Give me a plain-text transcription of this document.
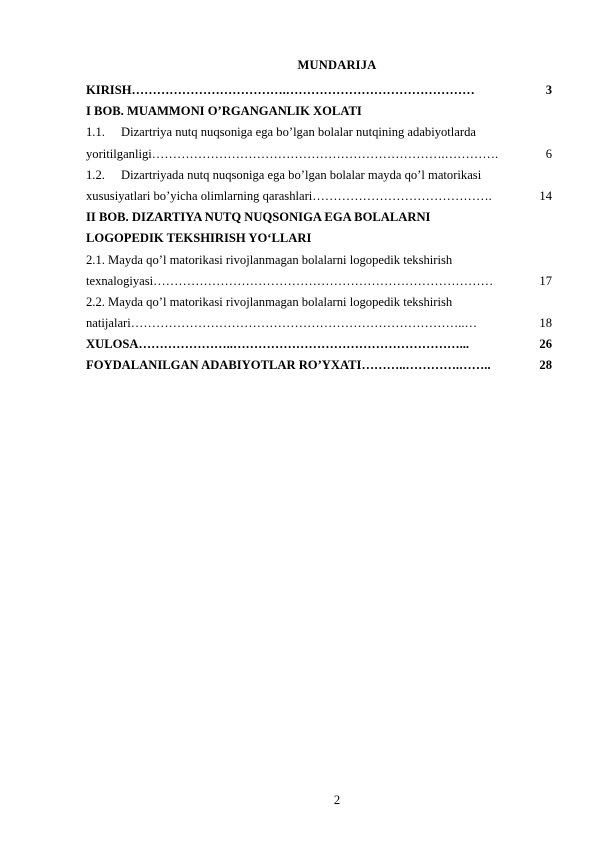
MUNDARIJA
KIRISH ……………………………….………………………………………	3
I BOB. MUAMMONI O’RGANGANLIK XOLATI
1.1. Dizartriya nutq nuqsoniga ega bo’lgan bolalar nutqining adabiyotlarda
yoritilganligi …………………………………………………………….………….	6
1.2. Dizartriyada nutq nuqsoniga ega bo’lgan bolalar mayda qo’l matorikasi
xususiyatlari bo’yicha olimlarning qarashlari …………………………………….	14
II BOB. DIZARTIYA NUTQ NUQSONIGA EGA BOLALARNI
LOGOPEDIK TEKSHIRISH YO‘LLARI
2.1. Mayda qo’l matorikasi rivojlanmagan bolalarni logopedik tekshirish
texnalogiyasi ………………………………………………………………………	17
2.2. Mayda qo’l matorikasi rivojlanmagan bolalarni logopedik tekshirish
natijalari ……………………………………………………………………..…	18
XULOSA …………………..………………………………………………...	26
FOYDALANILGAN ADABIYOTLAR RO’YXATI ………..………….……..	28
2
